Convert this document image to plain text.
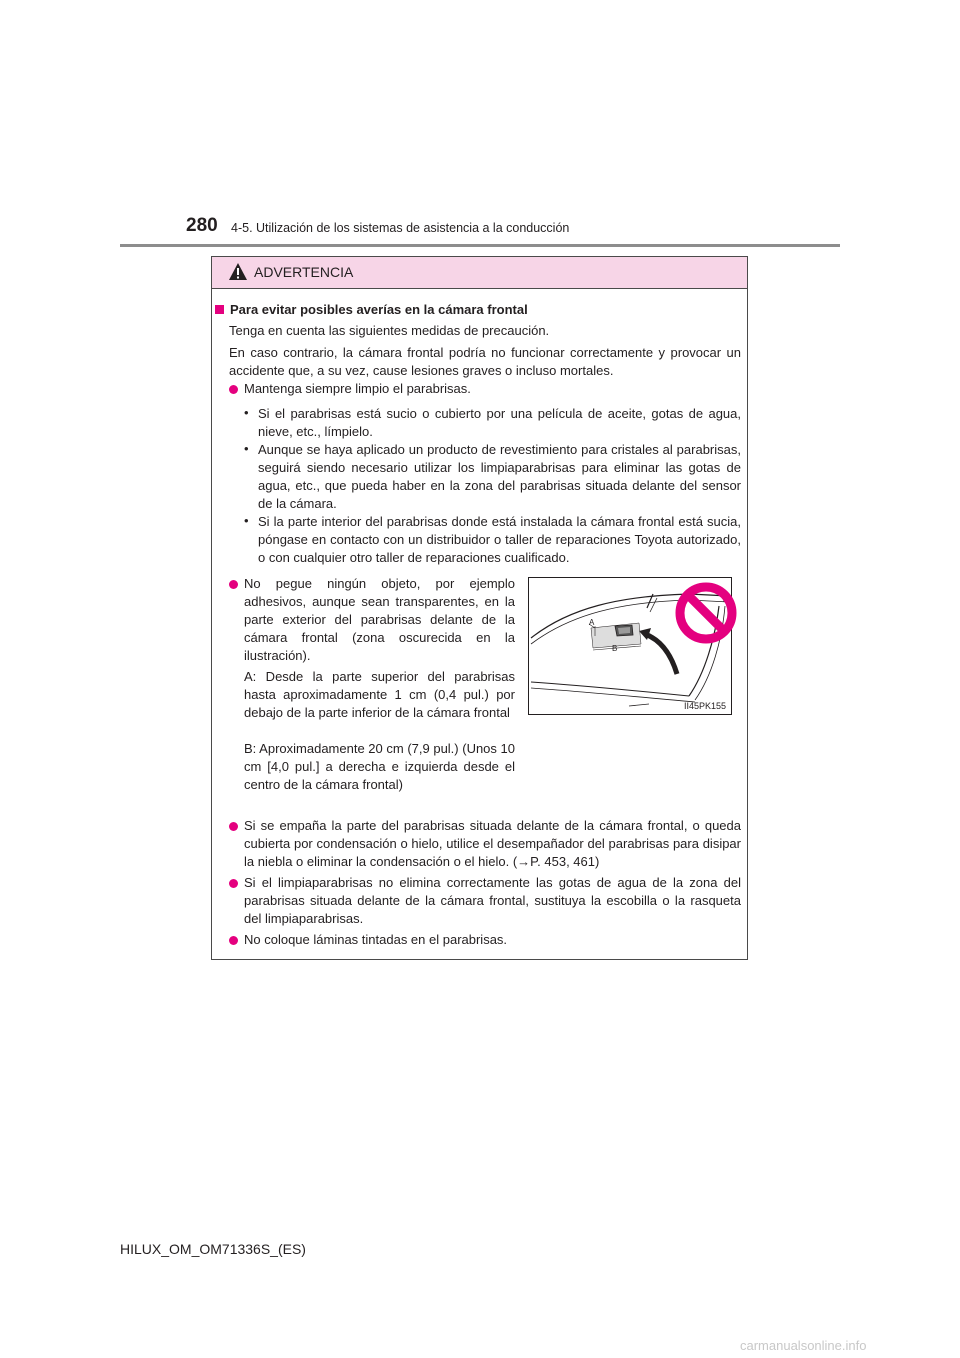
280 4-5. Utilización de los sistemas de asistencia a la conducción
ADVERTENCIA
Para evitar posibles averías en la cámara frontal
Tenga en cuenta las siguientes medidas de precaución.
En caso contrario, la cámara frontal podría no funcionar correctamente y provocar un accidente que, a su vez, cause lesiones graves o incluso mortales.
Mantenga siempre limpio el parabrisas.
• Si el parabrisas está sucio o cubierto por una película de aceite, gotas de agua, nieve, etc., límpielo.
• Aunque se haya aplicado un producto de revestimiento para cristales al parabrisas, seguirá siendo necesario utilizar los limpiaparabrisas para eliminar las gotas de agua, etc., que pueda haber en la zona del parabrisas situada delante del sensor de la cámara.
• Si la parte interior del parabrisas donde está instalada la cámara frontal está sucia, póngase en contacto con un distribuidor o taller de reparaciones Toyota autorizado, o con cualquier otro taller de reparaciones cualificado.
No pegue ningún objeto, por ejemplo adhesivos, aunque sean transparentes, en la parte exterior del parabrisas delante de la cámara frontal (zona oscurecida en la ilustración).
A: Desde la parte superior del parabrisas hasta aproximadamente 1 cm (0,4 pul.) por debajo de la parte inferior de la cámara frontal
B: Aproximadamente 20 cm (7,9 pul.) (Unos 10 cm [4,0 pul.] a derecha e izquierda desde el centro de la cámara frontal)
A
B
II45PK155
Si se empaña la parte del parabrisas situada delante de la cámara frontal, o queda cubierta por condensación o hielo, utilice el desempañador del parabrisas para disipar la niebla o eliminar la condensación o el hielo. (→P. 453, 461)
Si el limpiaparabrisas no elimina correctamente las gotas de agua de la zona del parabrisas situada delante de la cámara frontal, sustituya la escobilla o la rasqueta del limpiaparabrisas.
No coloque láminas tintadas en el parabrisas.
HILUX_OM_OM71336S_(ES)
carmanualsonline.info
